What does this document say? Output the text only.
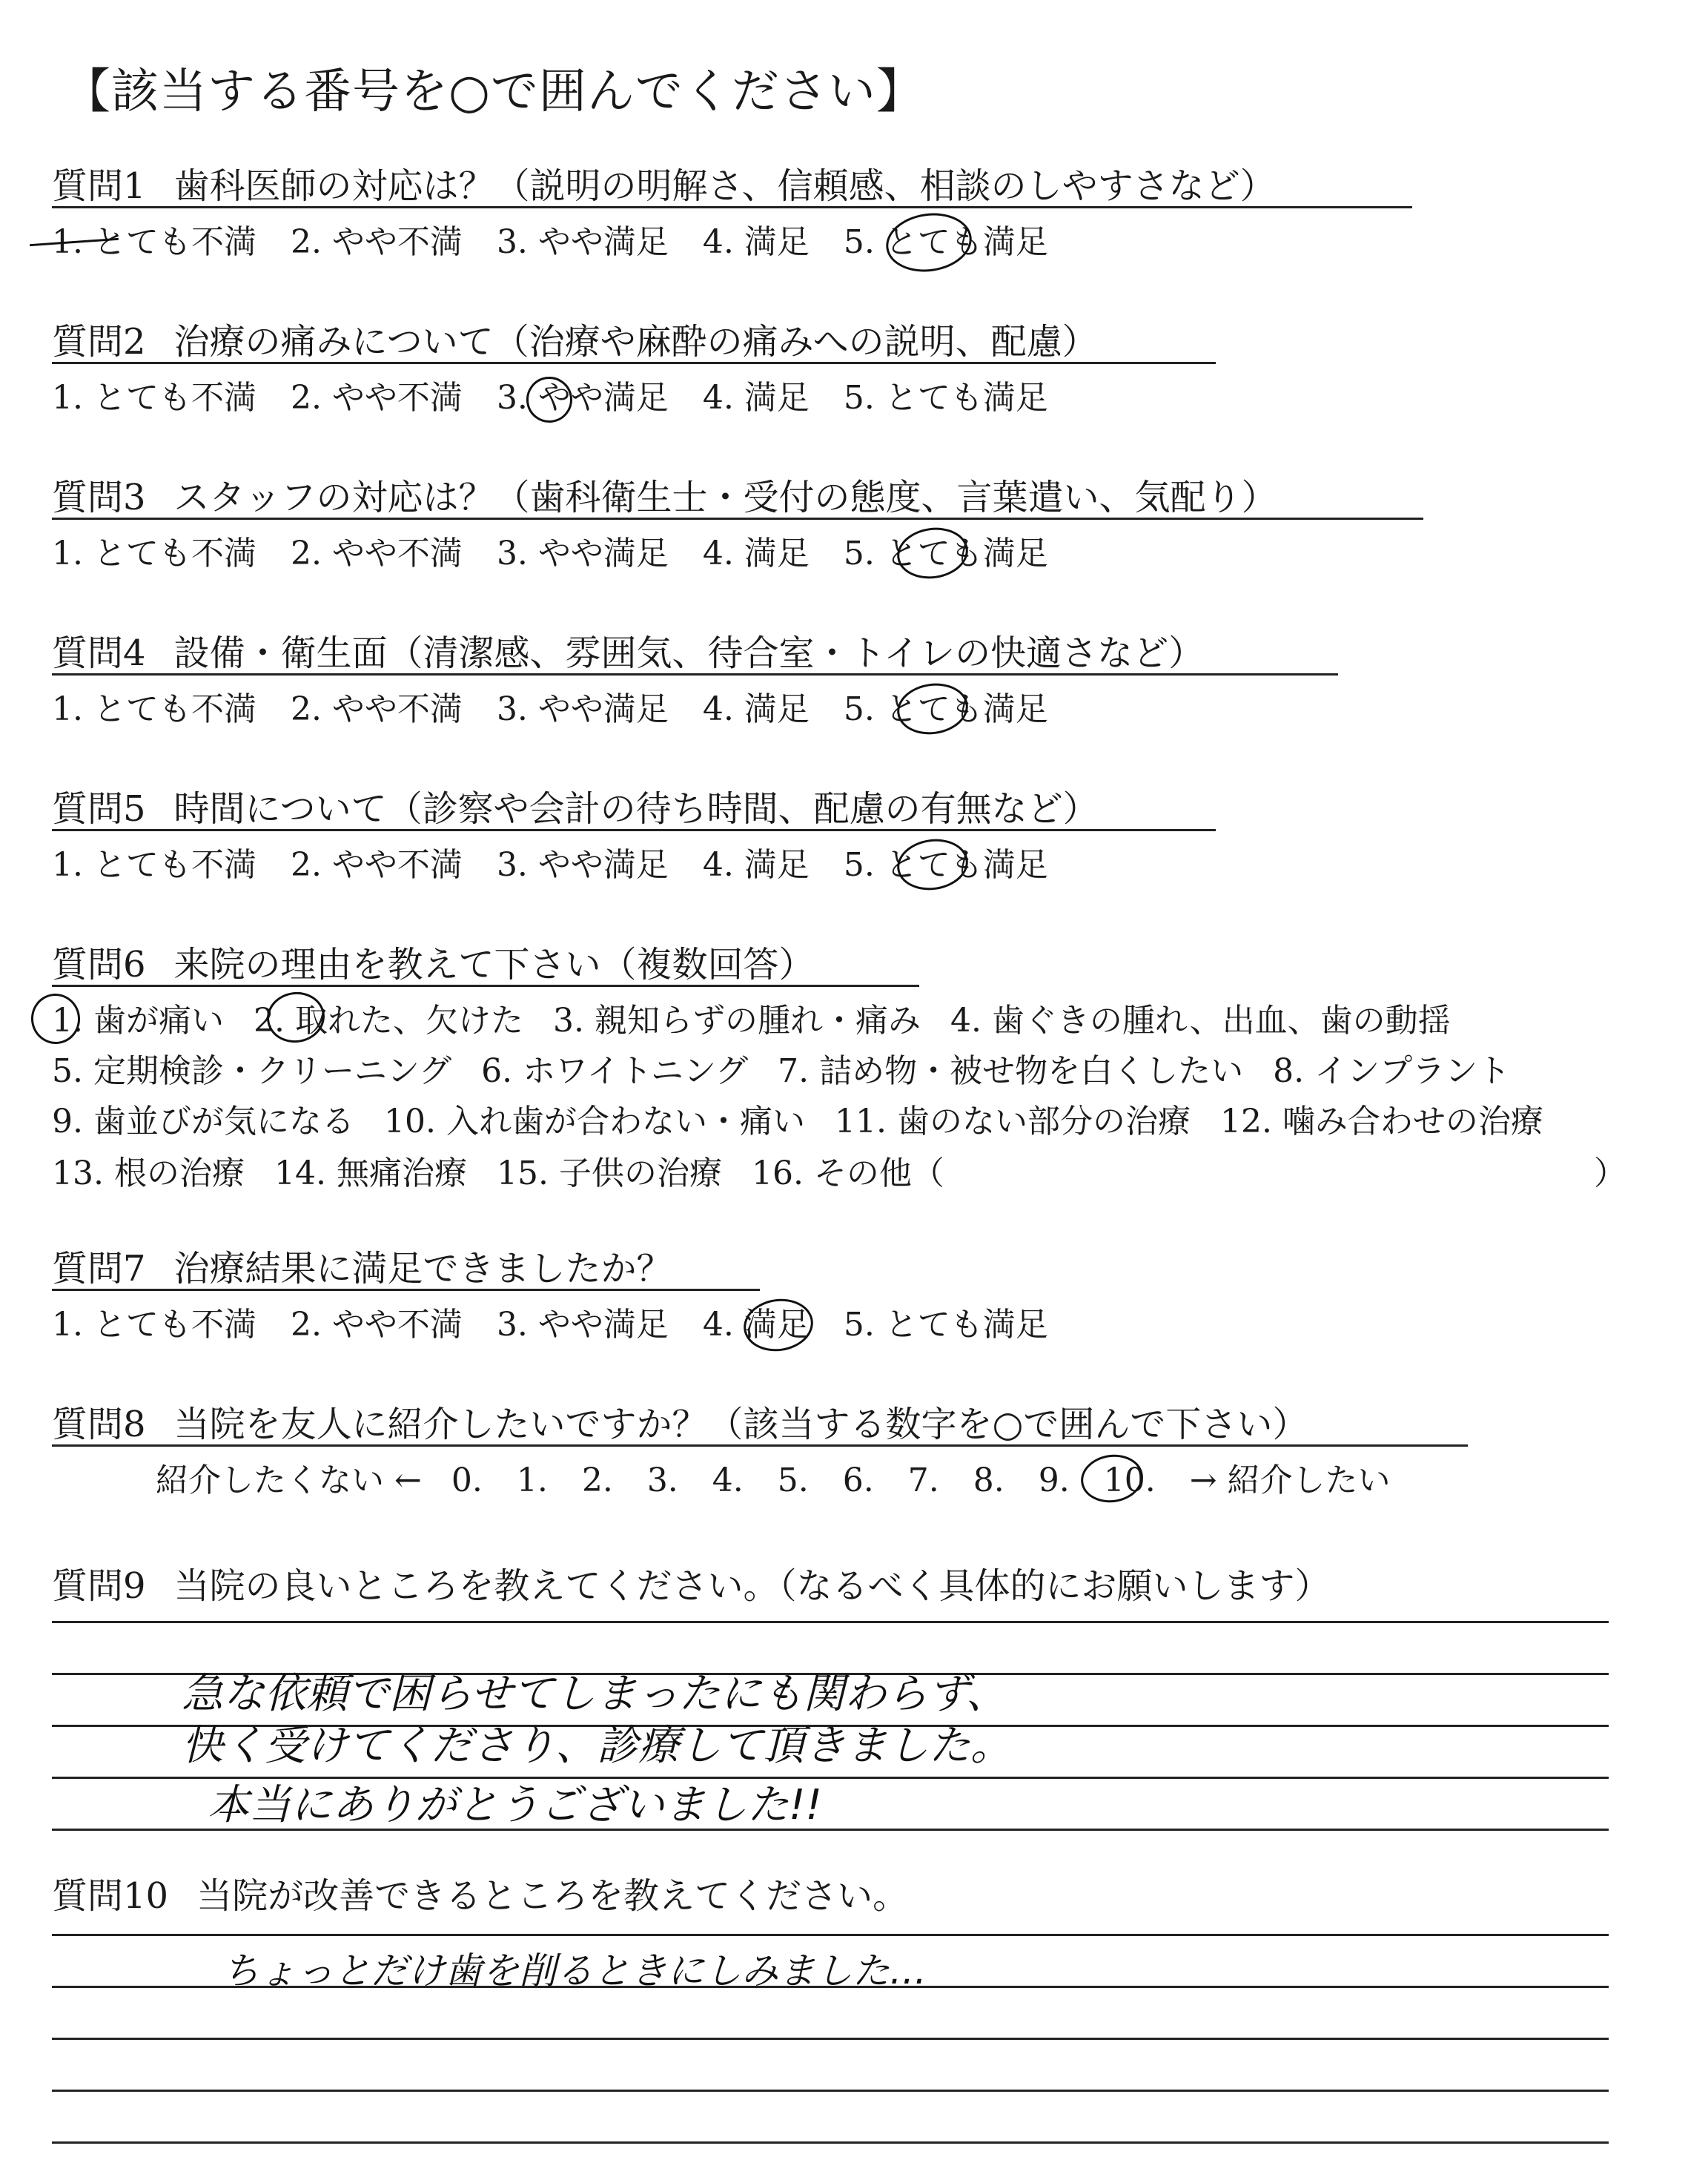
【該当する番号を○で囲んでください】
質問1 歯科医師の対応は？（説明の明解さ、信頼感、相談のしやすさなど）
1. とても不満 2. やや不満 3. やや満足 4. 満足 5. とても満足
質問2 治療の痛みについて（治療や麻酔の痛みへの説明、配慮）
1. とても不満 2. やや不満 3. やや満足 4. 満足 5. とても満足
質問3 スタッフの対応は？（歯科衛生士・受付の態度、言葉遣い、気配り）
1. とても不満 2. やや不満 3. やや満足 4. 満足 5. とても満足
質問4 設備・衛生面（清潔感、雰囲気、待合室・トイレの快適さなど）
1. とても不満 2. やや不満 3. やや満足 4. 満足 5. とても満足
質問5 時間について（診察や会計の待ち時間、配慮の有無など）
1. とても不満 2. やや不満 3. やや満足 4. 満足 5. とても満足
質問6 来院の理由を教えて下さい（複数回答）
1. 歯が痛い 2. 取れた、欠けた 3. 親知らずの腫れ・痛み 4. 歯ぐきの腫れ、出血、歯の動揺
5. 定期検診・クリーニング 6. ホワイトニング 7. 詰め物・被せ物を白くしたい 8. インプラント
9. 歯並びが気になる 10. 入れ歯が合わない・痛い 11. 歯のない部分の治療 12. 噛み合わせの治療
13. 根の治療 14. 無痛治療 15. 子供の治療 16. その他（	）
質問7 治療結果に満足できましたか？
1. とても不満 2. やや不満 3. やや満足 4. 満足 5. とても満足
質問8 当院を友人に紹介したいですか？（該当する数字を○で囲んで下さい）
紹介したくない ← 0. 1. 2. 3. 4. 5. 6. 7. 8. 9. 10. → 紹介したい
質問9 当院の良いところを教えてください。（なるべく具体的にお願いします）
急な依頼で困らせてしまったにも関わらず、
快く受けてくださり、診療して頂きました。
本当にありがとうございました!!
質問10 当院が改善できるところを教えてください。
ちょっとだけ歯を削るときにしみました…
